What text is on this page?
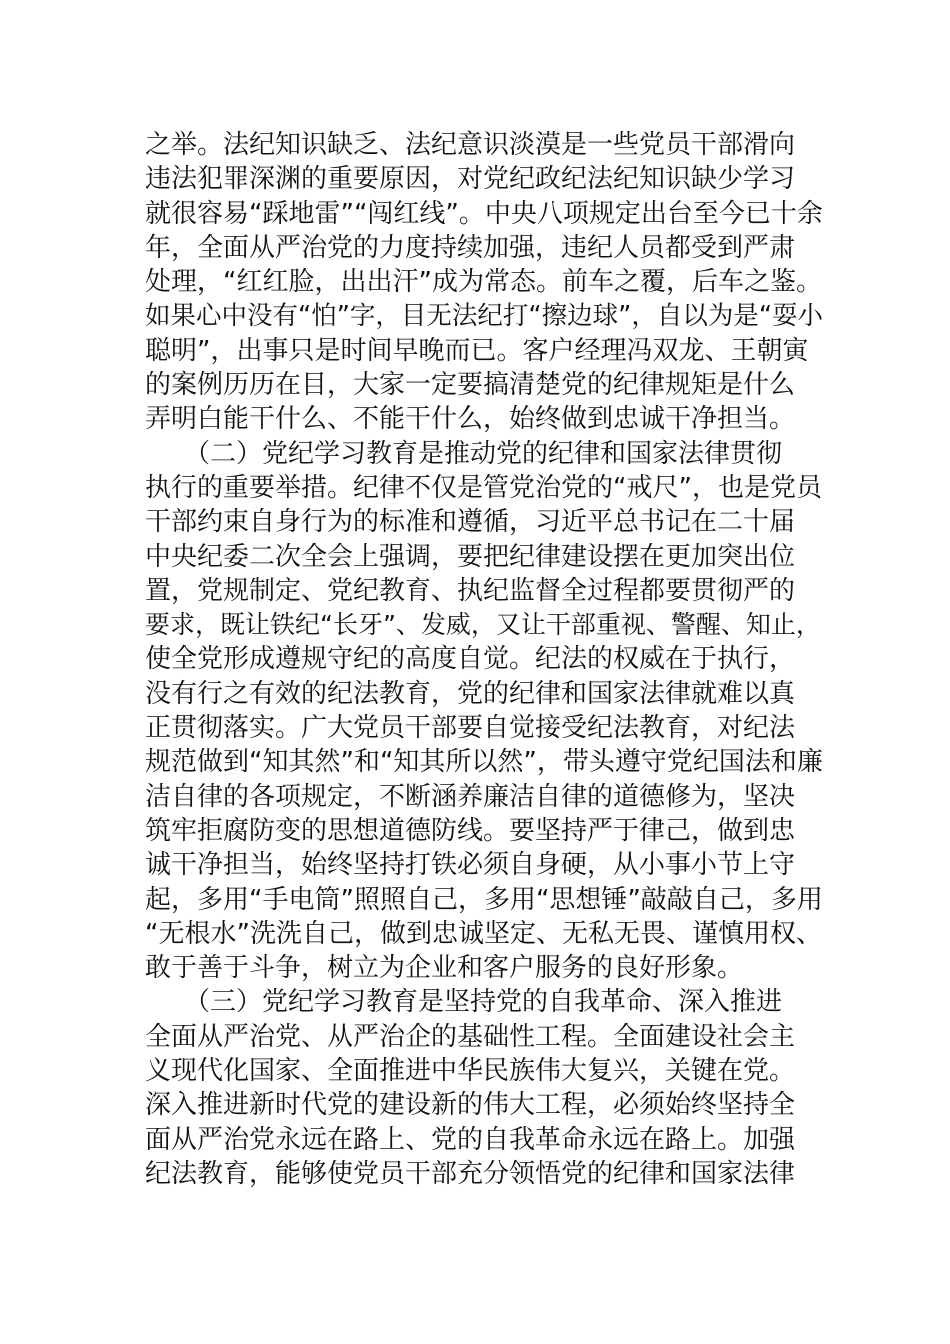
之举。法纪知识缺乏、法纪意识淡漠是一些党员干部滑向
违法犯罪深渊的重要原因，对党纪政纪法纪知识缺少学习
就很容易“踩地雷”“闯红线”。中央八项规定出台至今已十余
年，全面从严治党的力度持续加强，违纪人员都受到严肃
处理，“红红脸，出出汗”成为常态。前车之覆，后车之鉴。
如果心中没有“怕”字，目无法纪打“擦边球”，自以为是“耍小
聪明”，出事只是时间早晚而已。客户经理冯双龙、王朝寅
的案例历历在目，大家一定要搞清楚党的纪律规矩是什么
弄明白能干什么、不能干什么，始终做到忠诚干净担当。
　　（二）党纪学习教育是推动党的纪律和国家法律贯彻
执行的重要举措。纪律不仅是管党治党的“戒尺”，也是党员
干部约束自身行为的标准和遵循，习近平总书记在二十届
中央纪委二次全会上强调，要把纪律建设摆在更加突出位
置，党规制定、党纪教育、执纪监督全过程都要贯彻严的
要求，既让铁纪“长牙”、发威，又让干部重视、警醒、知止，
使全党形成遵规守纪的高度自觉。纪法的权威在于执行，
没有行之有效的纪法教育，党的纪律和国家法律就难以真
正贯彻落实。广大党员干部要自觉接受纪法教育，对纪法
规范做到“知其然”和“知其所以然”，带头遵守党纪国法和廉
洁自律的各项规定，不断涵养廉洁自律的道德修为，坚决
筑牢拒腐防变的思想道德防线。要坚持严于律己，做到忠
诚干净担当，始终坚持打铁必须自身硬，从小事小节上守
起，多用“手电筒”照照自己，多用“思想锤”敲敲自己，多用
“无根水”洗洗自己，做到忠诚坚定、无私无畏、谨慎用权、
敢于善于斗争，树立为企业和客户服务的良好形象。
　　（三）党纪学习教育是坚持党的自我革命、深入推进
全面从严治党、从严治企的基础性工程。全面建设社会主
义现代化国家、全面推进中华民族伟大复兴，关键在党。
深入推进新时代党的建设新的伟大工程，必须始终坚持全
面从严治党永远在路上、党的自我革命永远在路上。加强
纪法教育，能够使党员干部充分领悟党的纪律和国家法律
